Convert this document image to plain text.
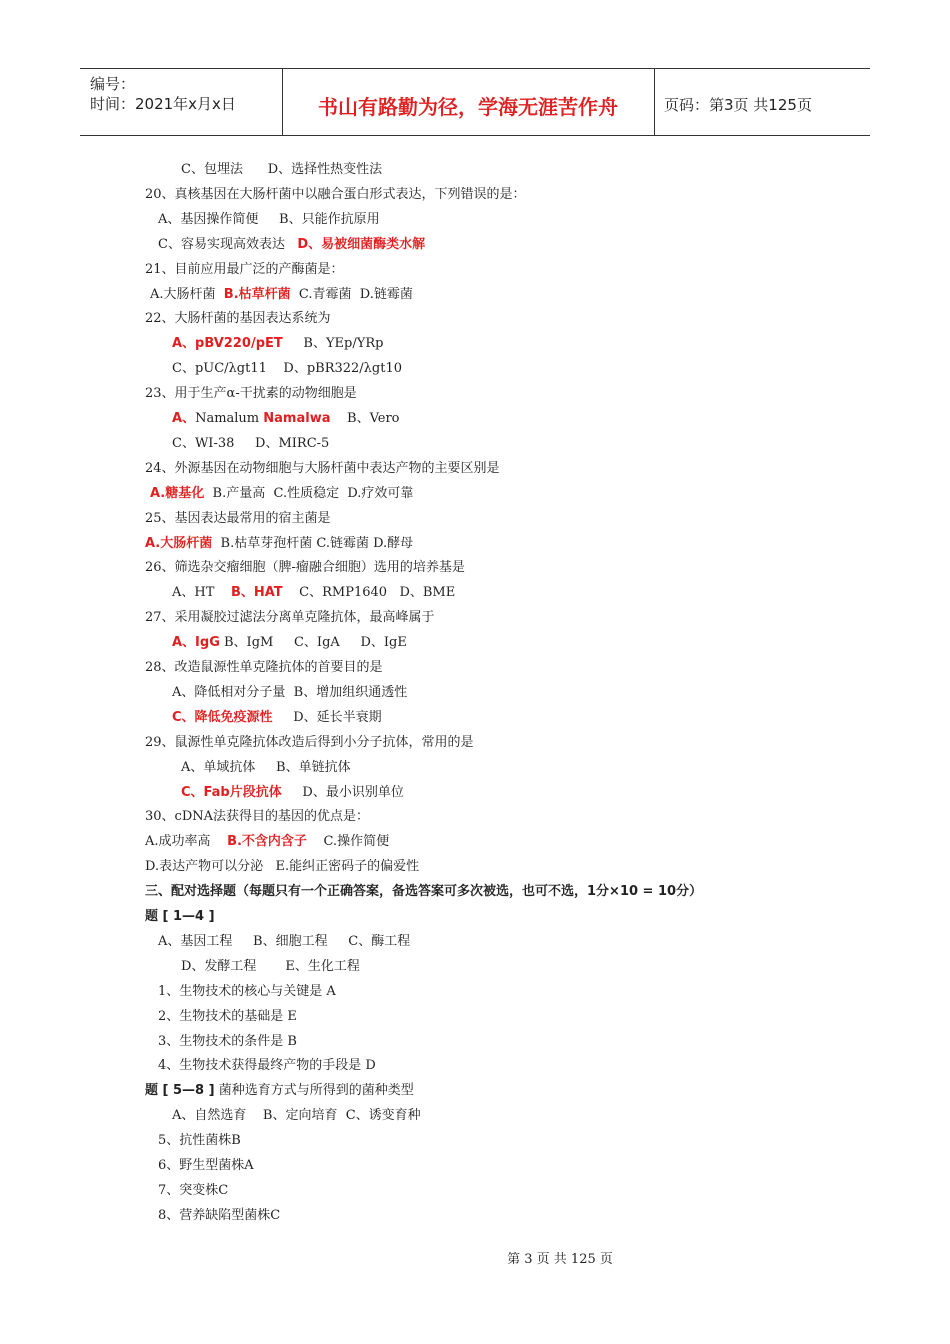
编号：
时间：2021年x月x日	书山有路勤为径，学海无涯苦作舟	页码：第3页 共125页
C、包埋法      D、选择性热变性法
20、真核基因在大肠杆菌中以融合蛋白形式表达，下列错误的是：
A、基因操作简便     B、只能作抗原用
C、容易实现高效表达   D、易被细菌酶类水解
21、目前应用最广泛的产酶菌是：
A.大肠杆菌  B.枯草杆菌  C.青霉菌  D.链霉菌
22、大肠杆菌的基因表达系统为
A、pBV220/pET     B、YEp/YRp
C、pUC/λgt11    D、pBR322/λgt10
23、用于生产α-干扰素的动物细胞是
A、Namalum Namalwa    B、Vero
C、WI-38     D、MIRC-5
24、外源基因在动物细胞与大肠杆菌中表达产物的主要区别是
A.糖基化  B.产量高  C.性质稳定  D.疗效可靠
25、基因表达最常用的宿主菌是
A.大肠杆菌  B.枯草芽孢杆菌 C.链霉菌 D.酵母
26、筛选杂交瘤细胞（脾-瘤融合细胞）选用的培养基是
A、HT    B、HAT    C、RMP1640   D、BME
27、采用凝胶过滤法分离单克隆抗体，最高峰属于
A、IgG B、IgM     C、IgA     D、IgE
28、改造鼠源性单克隆抗体的首要目的是
A、降低相对分子量  B、增加组织通透性
C、降低免疫源性     D、延长半衰期
29、鼠源性单克隆抗体改造后得到小分子抗体，常用的是
A、单域抗体     B、单链抗体
C、Fab片段抗体     D、最小识别单位
30、cDNA法获得目的基因的优点是：
A.成功率高    B.不含内含子    C.操作简便
D.表达产物可以分泌   E.能纠正密码子的偏爱性
三、配对选择题（每题只有一个正确答案，备选答案可多次被选，也可不选，1分×10 = 10分）
题 [ 1—4 ]
A、基因工程     B、细胞工程     C、酶工程
D、发酵工程       E、生化工程
1、生物技术的核心与关键是 A
2、生物技术的基础是 E
3、生物技术的条件是 B
4、生物技术获得最终产物的手段是 D
题 [ 5—8 ] 菌种选育方式与所得到的菌种类型
A、自然选育    B、定向培育  C、诱变育种
5、抗性菌株B
6、野生型菌株A
7、突变株C
8、营养缺陷型菌株C
第 3 页 共 125 页
